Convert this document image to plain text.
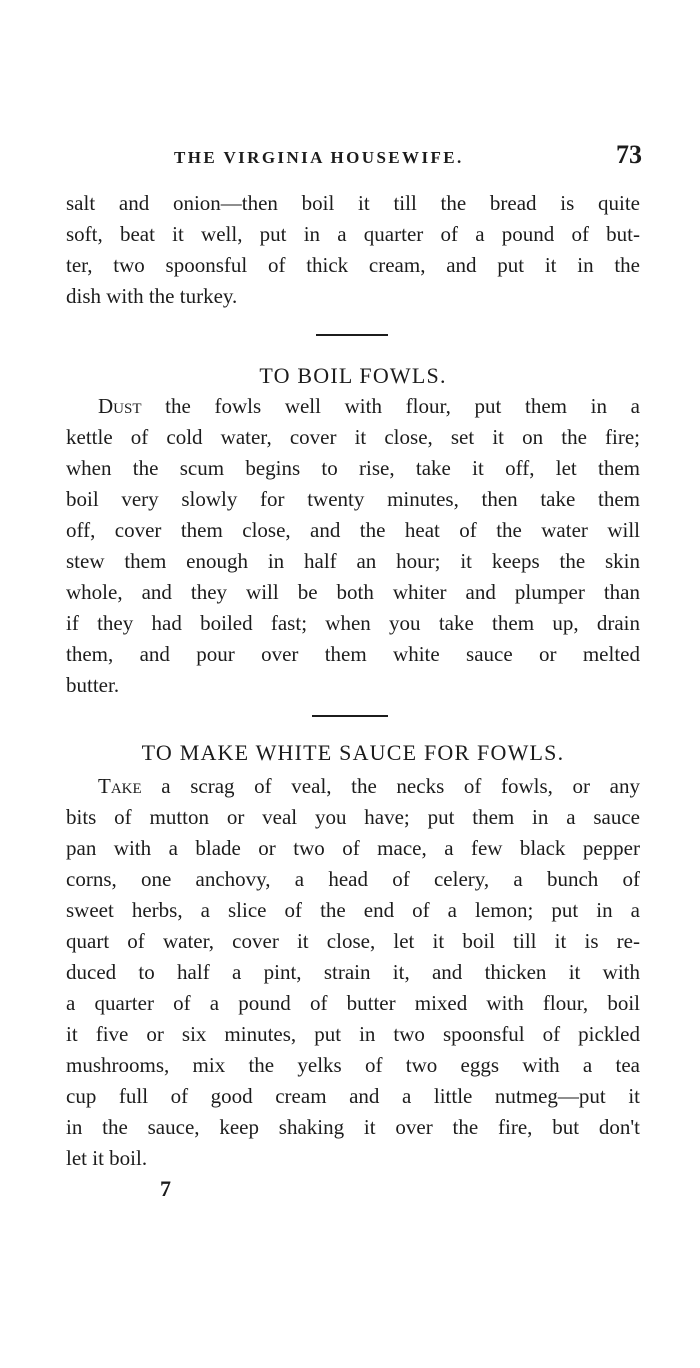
THE VIRGINIA HOUSEWIFE.	73
salt and onion—then boil it till the bread is quite
soft, beat it well, put in a quarter of a pound of but-
ter, two spoonsful of thick cream, and put it in the
dish with the turkey.
TO BOIL FOWLS.
Dust the fowls well with flour, put them in a
kettle of cold water, cover it close, set it on the fire;
when the scum begins to rise, take it off, let them
boil very slowly for twenty minutes, then take them
off, cover them close, and the heat of the water will
stew them enough in half an hour; it keeps the skin
whole, and they will be both whiter and plumper than
if they had boiled fast; when you take them up, drain
them, and pour over them white sauce or melted
butter.
TO MAKE WHITE SAUCE FOR FOWLS.
Take a scrag of veal, the necks of fowls, or any
bits of mutton or veal you have; put them in a sauce
pan with a blade or two of mace, a few black pepper
corns, one anchovy, a head of celery, a bunch of
sweet herbs, a slice of the end of a lemon; put in a
quart of water, cover it close, let it boil till it is re-
duced to half a pint, strain it, and thicken it with
a quarter of a pound of butter mixed with flour, boil
it five or six minutes, put in two spoonsful of pickled
mushrooms, mix the yelks of two eggs with a tea
cup full of good cream and a little nutmeg—put it
in the sauce, keep shaking it over the fire, but don't
let it boil.
7
